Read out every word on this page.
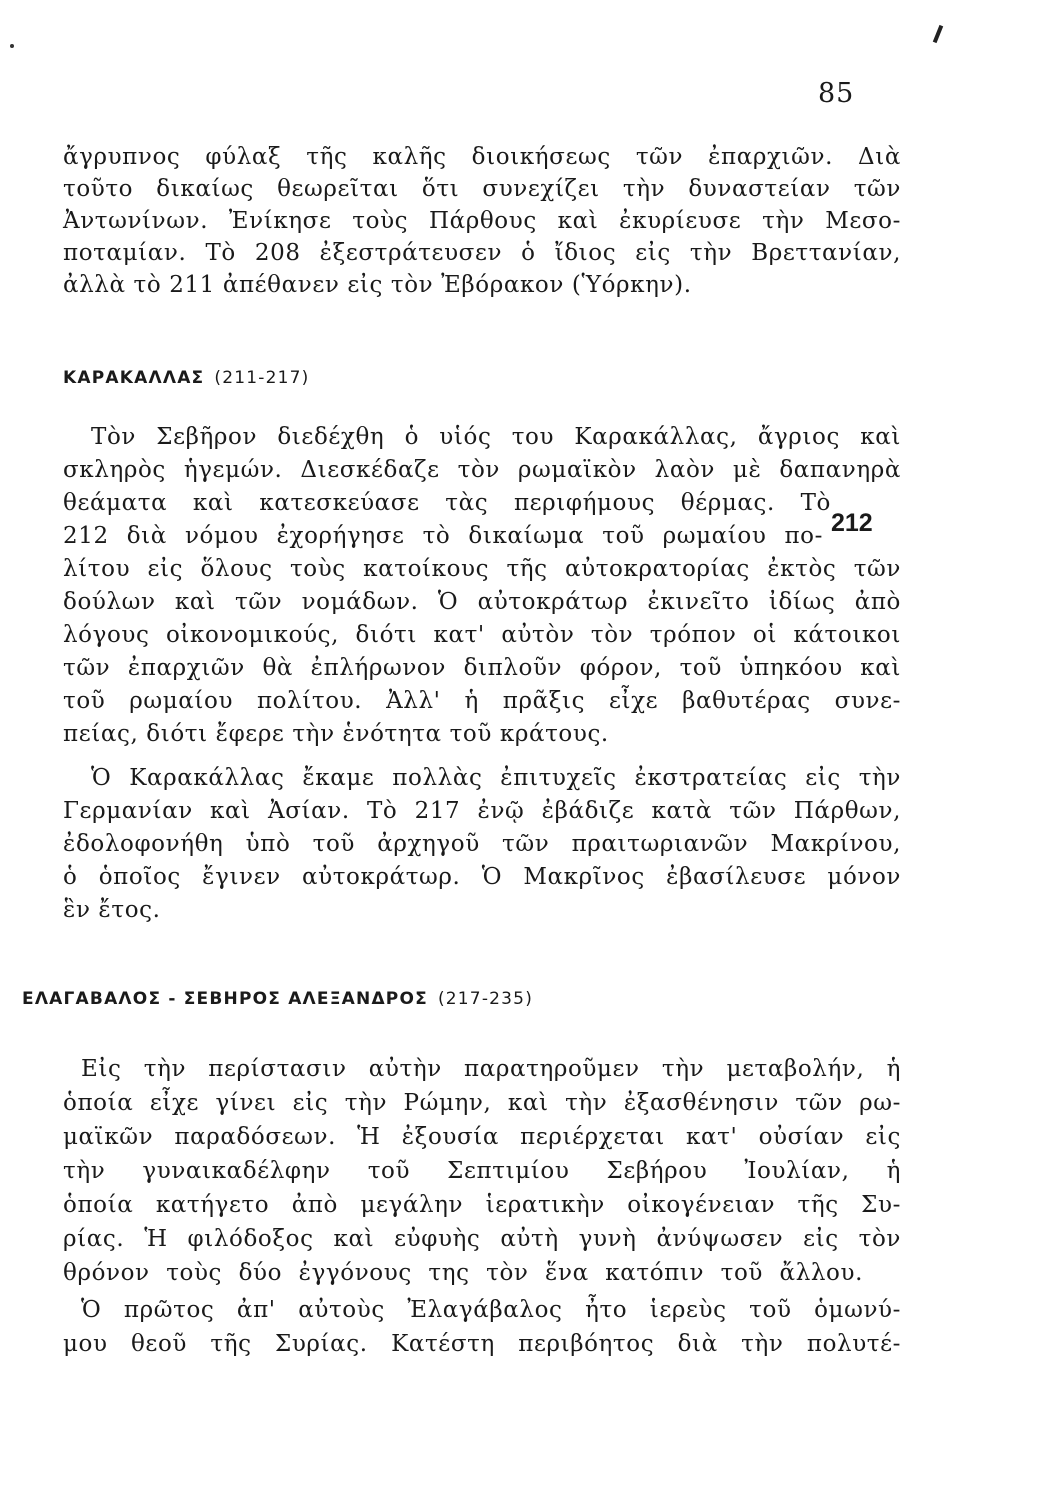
85
ἄγρυπνος φύλαξ τῆς καλῆς διοικήσεως τῶν ἐπαρχιῶν. Διὰ
τοῦτο δικαίως θεωρεῖται ὅτι συνεχίζει τὴν δυναστείαν τῶν
Ἀντωνίνων. Ἐνίκησε τοὺς Πάρθους καὶ ἐκυρίευσε τὴν Μεσο-
ποταμίαν. Τὸ 208 ἐξεστράτευσεν ὁ ἴδιος εἰς τὴν Βρεττανίαν,
ἀλλὰ τὸ 211 ἀπέθανεν εἰς τὸν Ἐβόρακον (Ὑόρκην).
ΚΑΡΑΚΑΛΛΑΣ (211-217)
212
Τὸν Σεβῆρον διεδέχθη ὁ υἱός του Καρακάλλας, ἄγριος καὶ
σκληρὸς ἡγεμών. Διεσκέδαζε τὸν ρωμαϊκὸν λαὸν μὲ δαπανηρὰ
θεάματα καὶ κατεσκεύασε τὰς περιφήμους θέρμας. Τὸ
212 διὰ νόμου ἐχορήγησε τὸ δικαίωμα τοῦ ρωμαίου πο-
λίτου εἰς ὅλους τοὺς κατοίκους τῆς αὐτοκρατορίας ἐκτὸς τῶν
δούλων καὶ τῶν νομάδων. Ὁ αὐτοκράτωρ ἐκινεῖτο ἰδίως ἀπὸ
λόγους οἰκονομικούς, διότι κατ' αὐτὸν τὸν τρόπον οἱ κάτοικοι
τῶν ἐπαρχιῶν θὰ ἐπλήρωνον διπλοῦν φόρον, τοῦ ὑπηκόου καὶ
τοῦ ρωμαίου πολίτου. Ἀλλ' ἡ πρᾶξις εἶχε βαθυτέρας συνε-
πείας, διότι ἔφερε τὴν ἑνότητα τοῦ κράτους.
Ὁ Καρακάλλας ἔκαμε πολλὰς ἐπιτυχεῖς ἐκστρατείας εἰς τὴν
Γερμανίαν καὶ Ἀσίαν. Τὸ 217 ἐνῷ ἐβάδιζε κατὰ τῶν Πάρθων,
ἐδολοφονήθη ὑπὸ τοῦ ἀρχηγοῦ τῶν πραιτωριανῶν Μακρίνου,
ὁ ὁποῖος ἔγινεν αὐτοκράτωρ. Ὁ Μακρῖνος ἐβασίλευσε μόνον
ἓν ἔτος.
ΕΛΑΓΑΒΑΛΟΣ - ΣΕΒΗΡΟΣ ΑΛΕΞΑΝΔΡΟΣ (217-235)
Εἰς τὴν περίστασιν αὐτὴν παρατηροῦμεν τὴν μεταβολήν, ἡ
ὁποία εἶχε γίνει εἰς τὴν Ρώμην, καὶ τὴν ἐξασθένησιν τῶν ρω-
μαϊκῶν παραδόσεων. Ἡ ἐξουσία περιέρχεται κατ' οὐσίαν εἰς
τὴν γυναικαδέλφην τοῦ Σεπτιμίου Σεβήρου Ἰουλίαν, ἡ
ὁποία κατήγετο ἀπὸ μεγάλην ἱερατικὴν οἰκογένειαν τῆς Συ-
ρίας. Ἡ φιλόδοξος καὶ εὐφυὴς αὐτὴ γυνὴ ἀνύψωσεν εἰς τὸν
θρόνον τοὺς δύο ἐγγόνους της τὸν ἕνα κατόπιν τοῦ ἄλλου.
Ὁ πρῶτος ἀπ' αὐτοὺς Ἐλαγάβαλος ἦτο ἱερεὺς τοῦ ὁμωνύ-
μου θεοῦ τῆς Συρίας. Κατέστη περιβόητος διὰ τὴν πολυτέ-
